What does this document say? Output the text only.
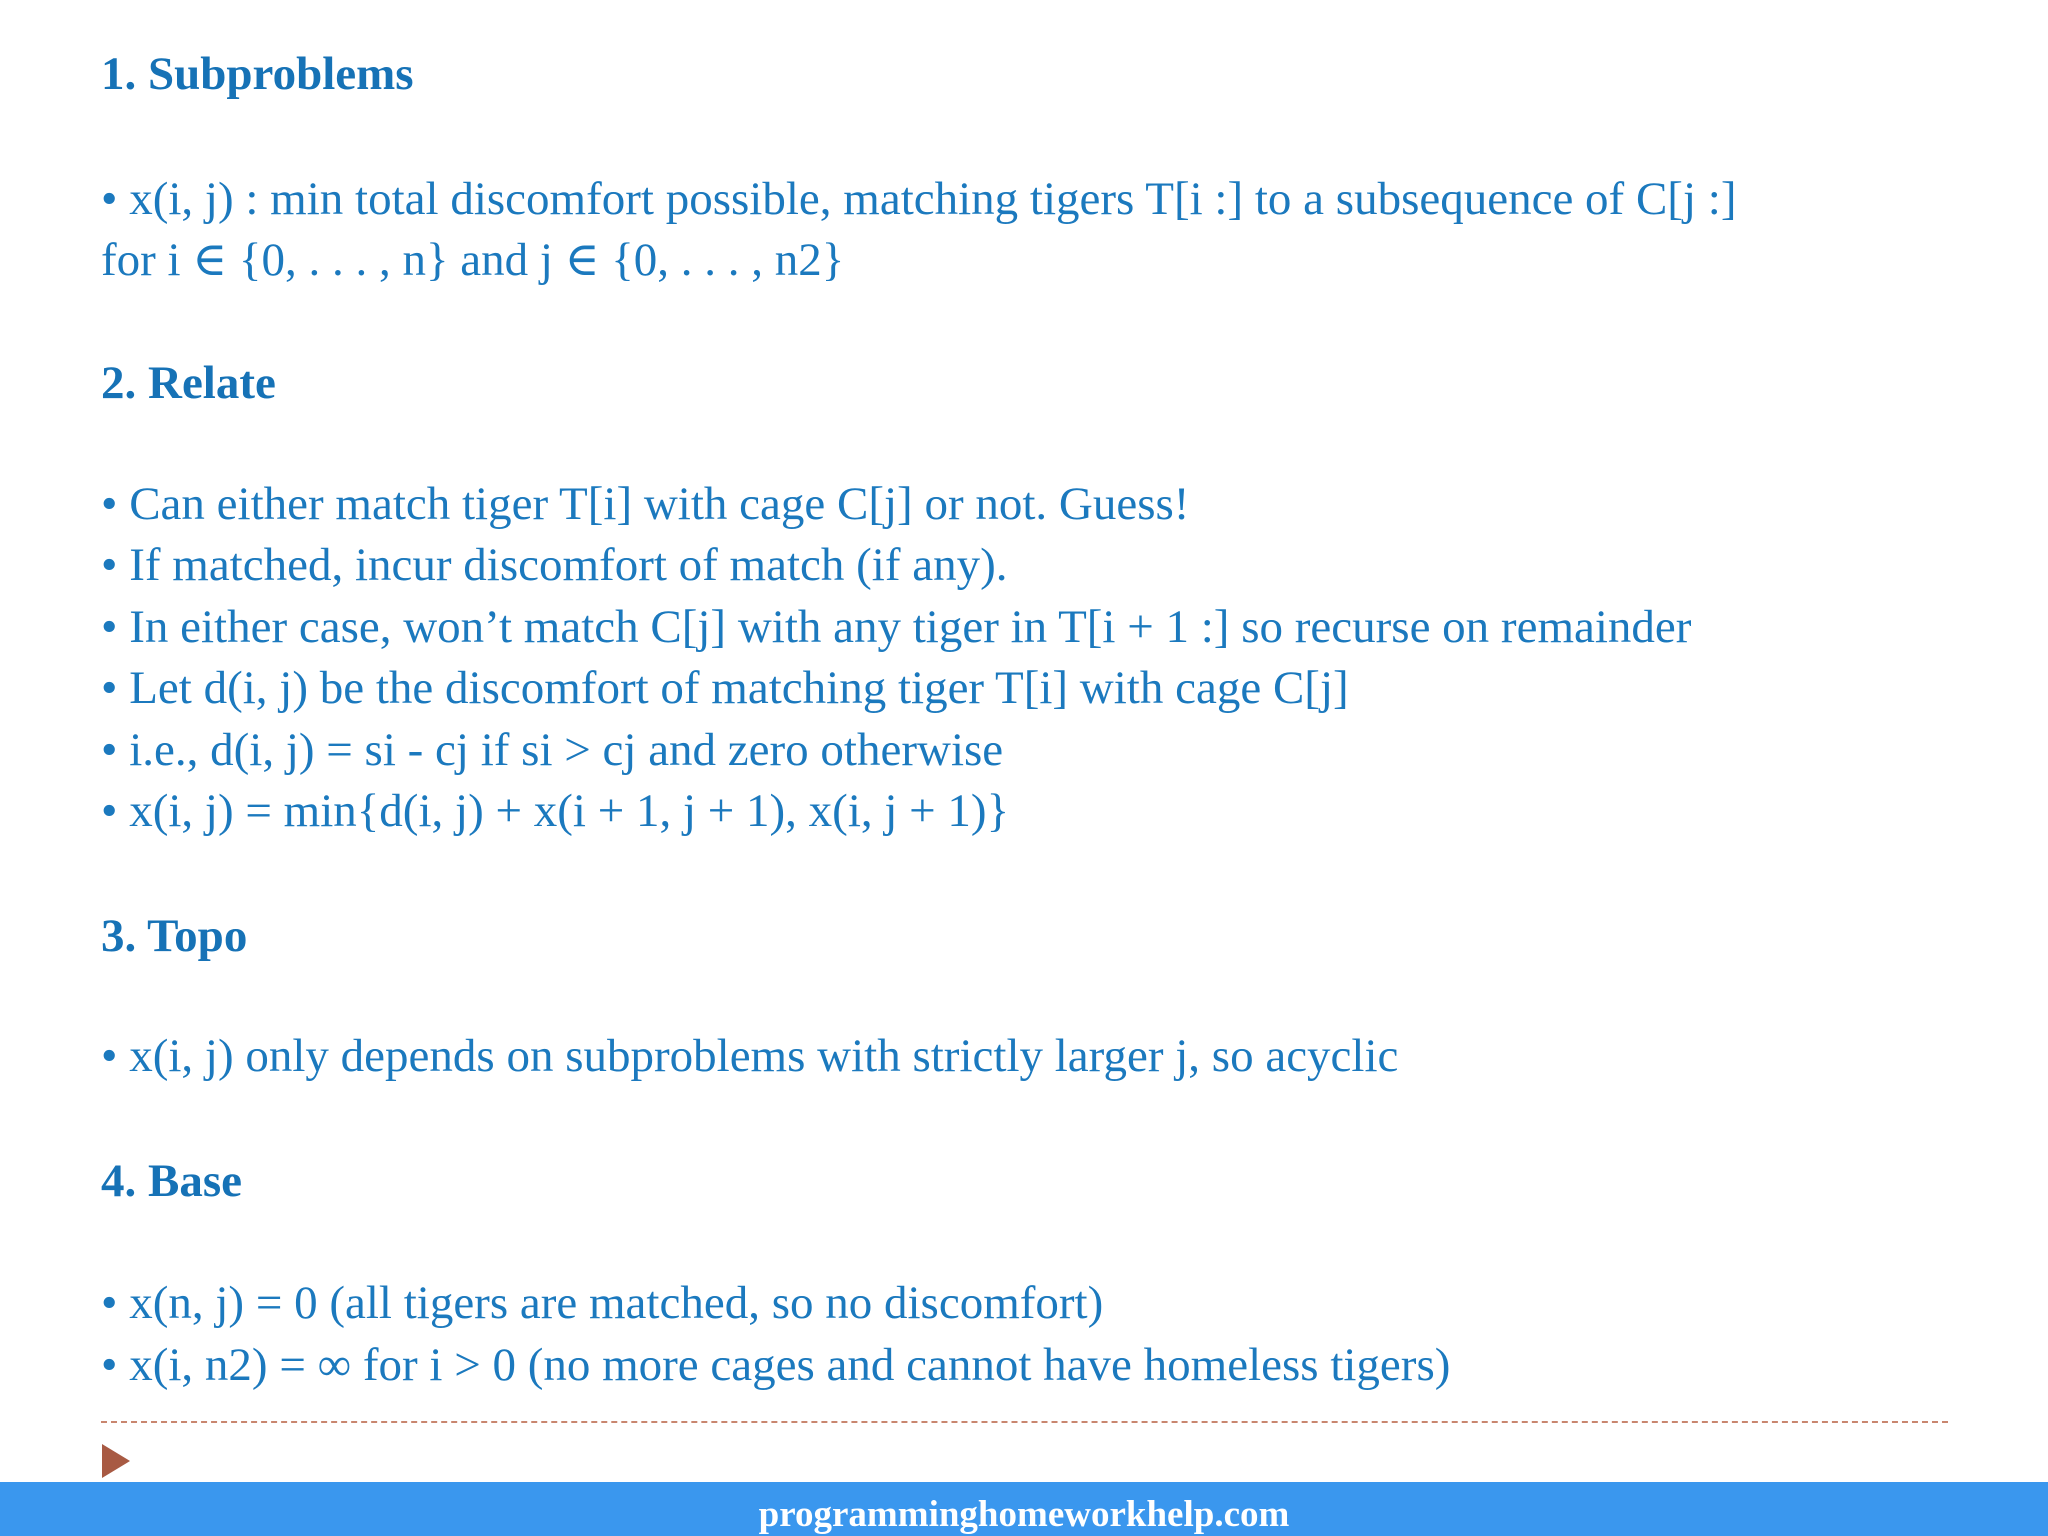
1. Subproblems
• x(i, j) : min total discomfort possible, matching tigers T[i :] to a subsequence of C[j :]
for i ∈ {0, . . . , n} and j ∈ {0, . . . , n2}
2. Relate
• Can either match tiger T[i] with cage C[j] or not. Guess!
• If matched, incur discomfort of match (if any).
• In either case, won’t match C[j] with any tiger in T[i + 1 :] so recurse on remainder
• Let d(i, j) be the discomfort of matching tiger T[i] with cage C[j]
• i.e., d(i, j) = si - cj if si > cj and zero otherwise
• x(i, j) = min{d(i, j) + x(i + 1, j + 1), x(i, j + 1)}
3. Topo
• x(i, j) only depends on subproblems with strictly larger j, so acyclic
4. Base
• x(n, j) = 0 (all tigers are matched, so no discomfort)
• x(i, n2) = ∞ for i > 0 (no more cages and cannot have homeless tigers)
programminghomeworkhelp.com
